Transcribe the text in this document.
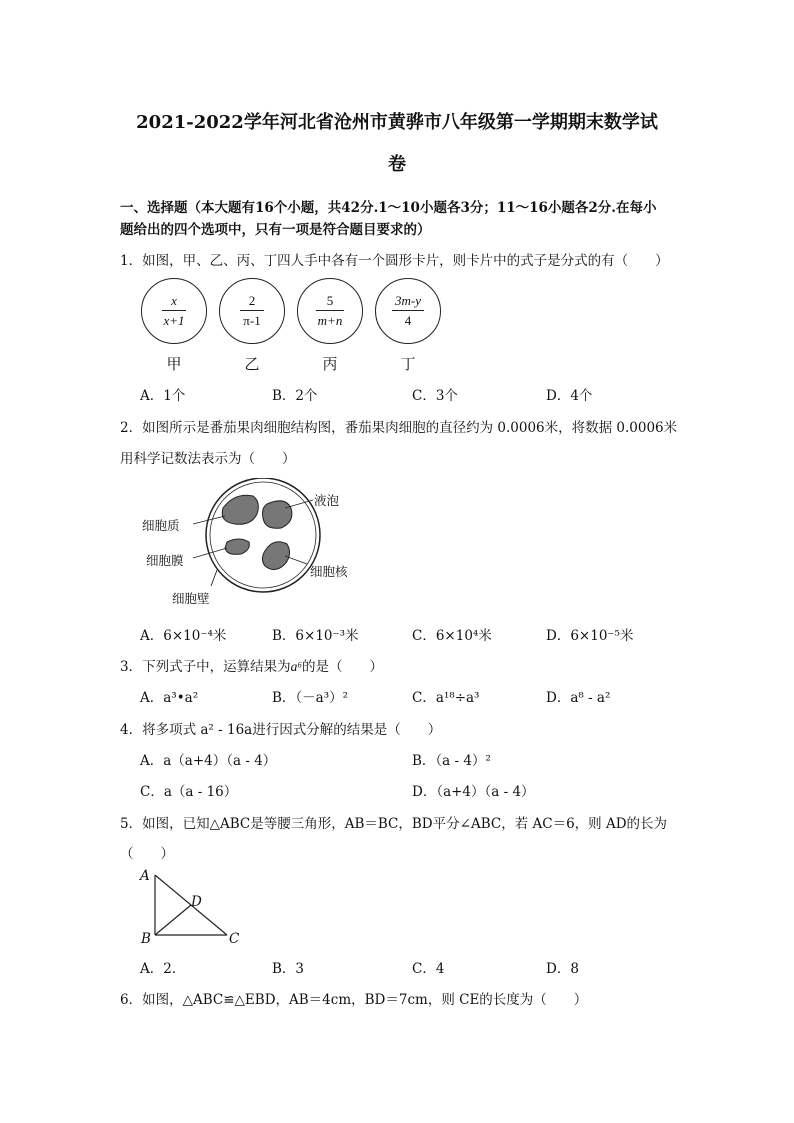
2021-2022学年河北省沧州市黄骅市八年级第一学期期末数学试
卷
一、选择题（本大题有16个小题，共42分.1～10小题各3分；11～16小题各2分.在每小
题给出的四个选项中，只有一项是符合题目要求的）
1．如图，甲、乙、丙、丁四人手中各有一个圆形卡片，则卡片中的式子是分式的有（　　）
x
x+1
2
π-1
5
m+n
3m-y
4
甲	乙	丙	丁
A．1个	B．2个	C．3个	D．4个
2．如图所示是番茄果肉细胞结构图，番茄果肉细胞的直径约为 0.0006米，将数据 0.0006米
用科学记数法表示为（　　）
细胞质
液泡
细胞膜
细胞核
细胞壁
A．6×10⁻⁴米	B．6×10⁻³米	C．6×10⁴米	D．6×10⁻⁵米
3．下列式子中，运算结果为a⁶的是（　　）
A．a³•a²	B．（－a³）²	C．a¹⁸÷a³	D．a⁸ - a²
4．将多项式 a² - 16a进行因式分解的结果是（　　）
A．a（a+4）（a - 4）	B．（a - 4）²
C．a（a - 16）	D．（a+4）（a - 4）
5．如图，已知△ABC是等腰三角形，AB＝BC，BD平分∠ABC，若 AC＝6，则 AD的长为
（　　）
A
D
B	C
A．2．	B．3	C．4	D．8
6．如图，△ABC≌△EBD，AB＝4cm，BD＝7cm，则 CE的长度为（　　）
